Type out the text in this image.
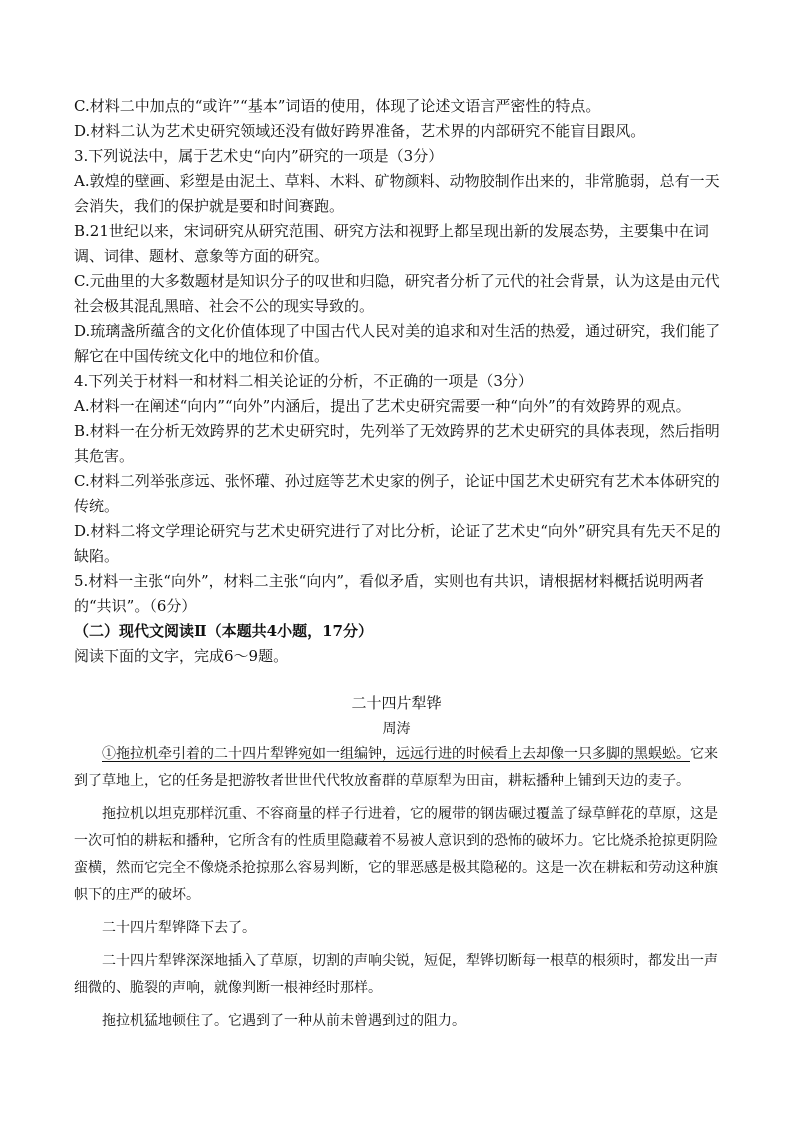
C.材料二中加点的“或许”“基本”词语的使用，体现了论述文语言严密性的特点。

D.材料二认为艺术史研究领域还没有做好跨界准备，艺术界的内部研究不能盲目跟风。

3.下列说法中，属于艺术史“向内”研究的一项是（3分）

A.敦煌的壁画、彩塑是由泥土、草料、木料、矿物颜料、动物胶制作出来的，非常脆弱，总有一天会消失，我们的保护就是要和时间赛跑。

B.21世纪以来，宋词研究从研究范围、研究方法和视野上都呈现出新的发展态势，主要集中在词调、词律、题材、意象等方面的研究。

C.元曲里的大多数题材是知识分子的叹世和归隐，研究者分析了元代的社会背景，认为这是由元代社会极其混乱黑暗、社会不公的现实导致的。

D.琉璃盏所蕴含的文化价值体现了中国古代人民对美的追求和对生活的热爱，通过研究，我们能了解它在中国传统文化中的地位和价值。

4.下列关于材料一和材料二相关论证的分析，不正确的一项是（3分）

A.材料一在阐述“向内”“向外”内涵后，提出了艺术史研究需要一种“向外”的有效跨界的观点。

B.材料一在分析无效跨界的艺术史研究时，先列举了无效跨界的艺术史研究的具体表现，然后指明其危害。

C.材料二列举张彦远、张怀瓘、孙过庭等艺术史家的例子，论证中国艺术史研究有艺术本体研究的传统。

D.材料二将文学理论研究与艺术史研究进行了对比分析，论证了艺术史“向外”研究具有先天不足的缺陷。

5.材料一主张“向外”，材料二主张“向内”，看似矛盾，实则也有共识，请根据材料概括说明两者的“共识”。（6分）

（二）现代文阅读Ⅱ（本题共4小题，17分）

阅读下面的文字，完成6～9题。

二十四片犁铧
周涛

①拖拉机牵引着的二十四片犁铧宛如一组编钟，远远行进的时候看上去却像一只多脚的黑蜈蚣。它来到了草地上，它的任务是把游牧者世世代代牧放畜群的草原犁为田亩，耕耘播种上铺到天边的麦子。

拖拉机以坦克那样沉重、不容商量的样子行进着，它的履带的钢齿碾过覆盖了绿草鲜花的草原，这是一次可怕的耕耘和播种，它所含有的性质里隐藏着不易被人意识到的恐怖的破坏力。它比烧杀抢掠更阴险蛮横，然而它完全不像烧杀抢掠那么容易判断，它的罪恶感是极其隐秘的。这是一次在耕耘和劳动这种旗帜下的庄严的破坏。

二十四片犁铧降下去了。

二十四片犁铧深深地插入了草原，切割的声响尖锐，短促，犁铧切断每一根草的根须时，都发出一声细微的、脆裂的声响，就像判断一根神经时那样。

拖拉机猛地顿住了。它遇到了一种从前未曾遇到过的阻力。
